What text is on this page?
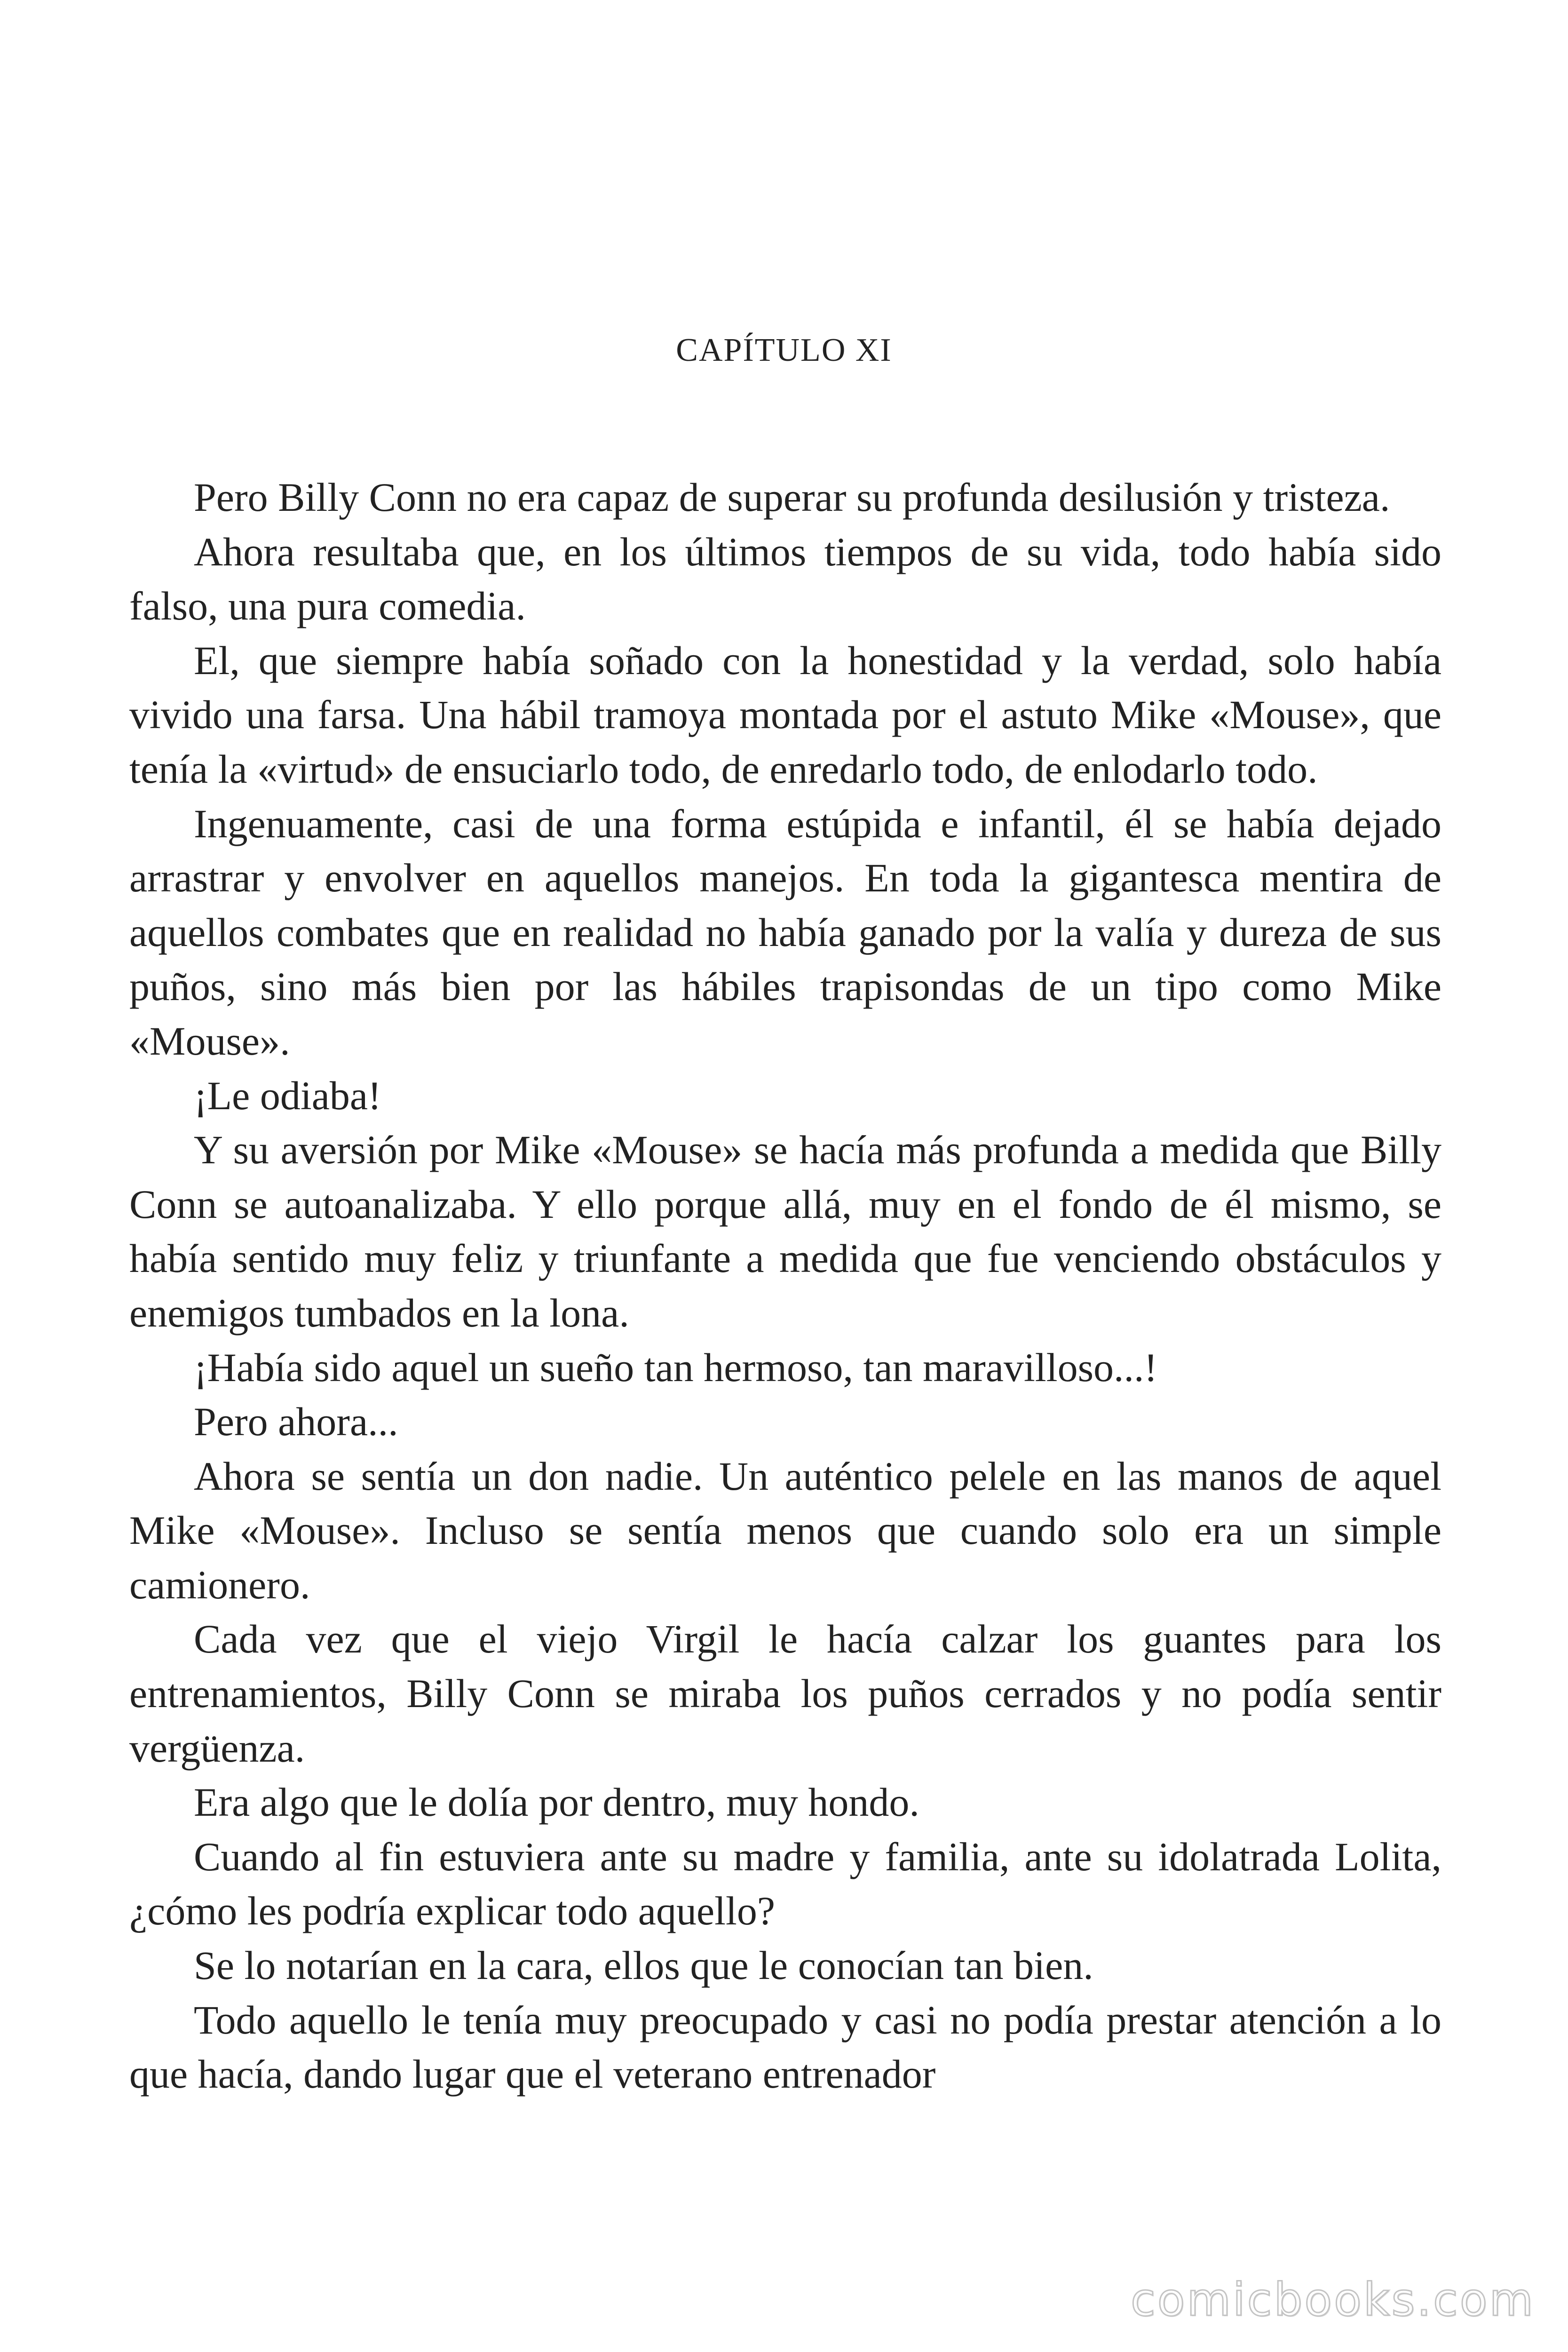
CAPÍTULO XI

Pero Billy Conn no era capaz de superar su profunda desilusión y tristeza.

Ahora resultaba que, en los últimos tiempos de su vida, todo había sido falso, una pura comedia.

El, que siempre había soñado con la honestidad y la verdad, solo había vivido una farsa. Una hábil tramoya montada por el astuto Mike «Mouse», que tenía la «virtud» de ensuciarlo todo, de enredarlo todo, de enlodarlo todo.

Ingenuamente, casi de una forma estúpida e infantil, él se había dejado arrastrar y envolver en aquellos manejos. En toda la gigantesca mentira de aquellos combates que en realidad no había ganado por la valía y dureza de sus puños, sino más bien por las hábiles trapisondas de un tipo como Mike «Mouse».

¡Le odiaba!

Y su aversión por Mike «Mouse» se hacía más profunda a medida que Billy Conn se autoanalizaba. Y ello porque allá, muy en el fondo de él mismo, se había sentido muy feliz y triunfante a medida que fue venciendo obstáculos y enemigos tumbados en la lona.

¡Había sido aquel un sueño tan hermoso, tan maravilloso...!

Pero ahora...

Ahora se sentía un don nadie. Un auténtico pelele en las manos de aquel Mike «Mouse». Incluso se sentía menos que cuando solo era un simple camionero.

Cada vez que el viejo Virgil le hacía calzar los guantes para los entrenamientos, Billy Conn se miraba los puños cerrados y no podía sentir vergüenza.

Era algo que le dolía por dentro, muy hondo.

Cuando al fin estuviera ante su madre y familia, ante su idolatrada Lolita, ¿cómo les podría explicar todo aquello?

Se lo notarían en la cara, ellos que le conocían tan bien.

Todo aquello le tenía muy preocupado y casi no podía prestar atención a lo que hacía, dando lugar que el veterano entrenador

comicbooks.com
